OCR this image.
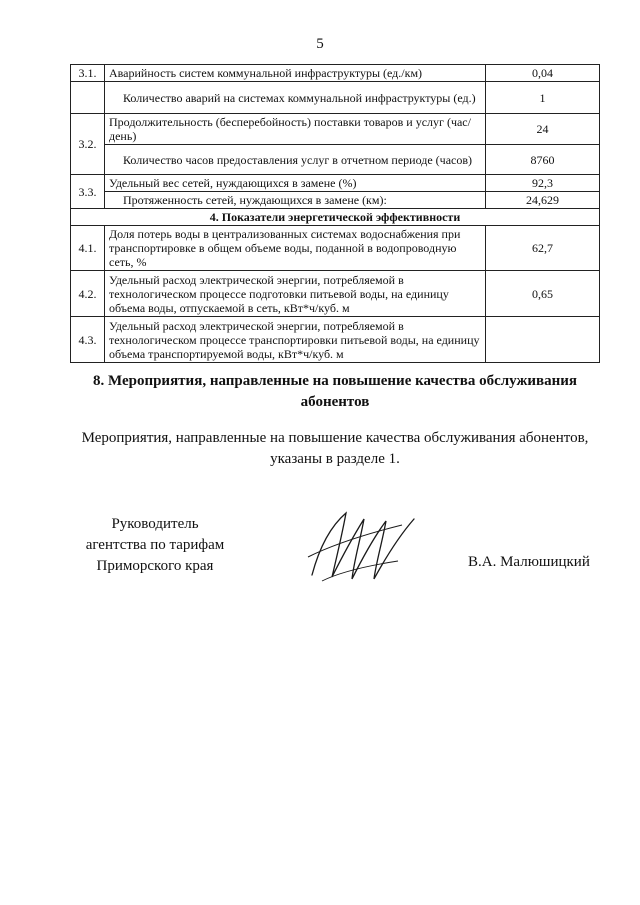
5
3.1.	Аварийность систем коммунальной инфраструктуры (ед./км)	0,04
	Количество аварий на системах коммунальной инфраструктуры (ед.)	1
3.2.	Продолжительность (бесперебойность) поставки товаров и услуг (час/день)	24
	Количество часов предоставления услуг в отчетном периоде (часов)	8760
3.3.	Удельный вес сетей, нуждающихся в замене (%)	92,3
	Протяженность сетей, нуждающихся в замене (км):	24,629
4. Показатели энергетической эффективности		
4.1.	Доля потерь воды в централизованных системах водоснабжения при транспортировке в общем объеме воды, поданной в водопроводную сеть, %	62,7
4.2.	Удельный расход электрической энергии, потребляемой в технологическом процессе подготовки питьевой воды, на единицу объема воды, отпускаемой в сеть, кВт*ч/куб. м	0,65
4.3.	Удельный расход электрической энергии, потребляемой в технологическом процессе транспортировки питьевой воды, на единицу объема транспортируемой воды, кВт*ч/куб. м	
8. Мероприятия, направленные на повышение качества обслуживания абонентов
Мероприятия, направленные на повышение качества обслуживания абонентов, указаны в разделе 1.
Руководитель
агентства по тарифам
Приморского края	В.А. Малюшицкий
